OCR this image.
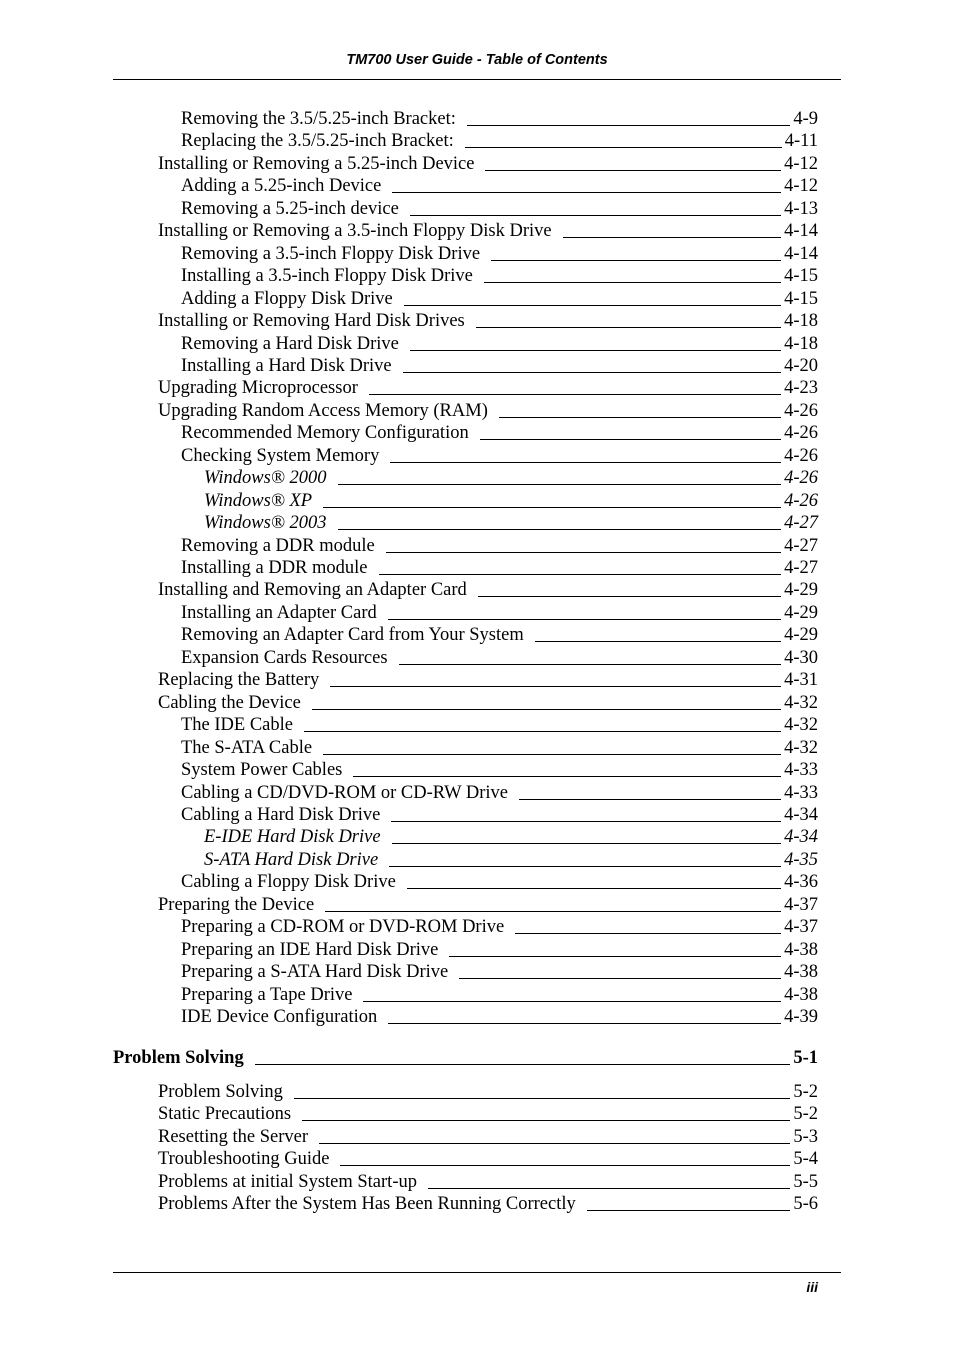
TM700 User Guide - Table of Contents
Removing the 3.5/5.25-inch Bracket:	4-9
Replacing the 3.5/5.25-inch Bracket:	4-11
Installing or Removing a 5.25-inch Device	4-12
Adding a 5.25-inch Device	4-12
Removing a 5.25-inch device	4-13
Installing or Removing a 3.5-inch Floppy Disk Drive	4-14
Removing a 3.5-inch Floppy Disk Drive	4-14
Installing a 3.5-inch Floppy Disk Drive	4-15
Adding a Floppy Disk Drive	4-15
Installing or Removing Hard Disk Drives	4-18
Removing a Hard Disk Drive	4-18
Installing a Hard Disk Drive	4-20
Upgrading Microprocessor	4-23
Upgrading Random Access Memory (RAM)	4-26
Recommended Memory Configuration	4-26
Checking System Memory	4-26
Windows® 2000	4-26
Windows® XP	4-26
Windows® 2003	4-27
Removing a DDR module	4-27
Installing a DDR module	4-27
Installing and Removing an Adapter Card	4-29
Installing an Adapter Card	4-29
Removing an Adapter Card from Your System	4-29
Expansion Cards Resources	4-30
Replacing the Battery	4-31
Cabling the Device	4-32
The IDE Cable	4-32
The S-ATA Cable	4-32
System Power Cables	4-33
Cabling a CD/DVD-ROM or CD-RW Drive	4-33
Cabling a Hard Disk Drive	4-34
E-IDE Hard Disk Drive	4-34
S-ATA Hard Disk Drive	4-35
Cabling a Floppy Disk Drive	4-36
Preparing the Device	4-37
Preparing a CD-ROM or DVD-ROM Drive	4-37
Preparing an IDE Hard Disk Drive	4-38
Preparing a S-ATA Hard Disk Drive	4-38
Preparing a Tape Drive	4-38
IDE Device Configuration	4-39
Problem Solving	5-1
Problem Solving	5-2
Static Precautions	5-2
Resetting the Server	5-3
Troubleshooting Guide	5-4
Problems at initial System Start-up	5-5
Problems After the System Has Been Running Correctly	5-6
iii
